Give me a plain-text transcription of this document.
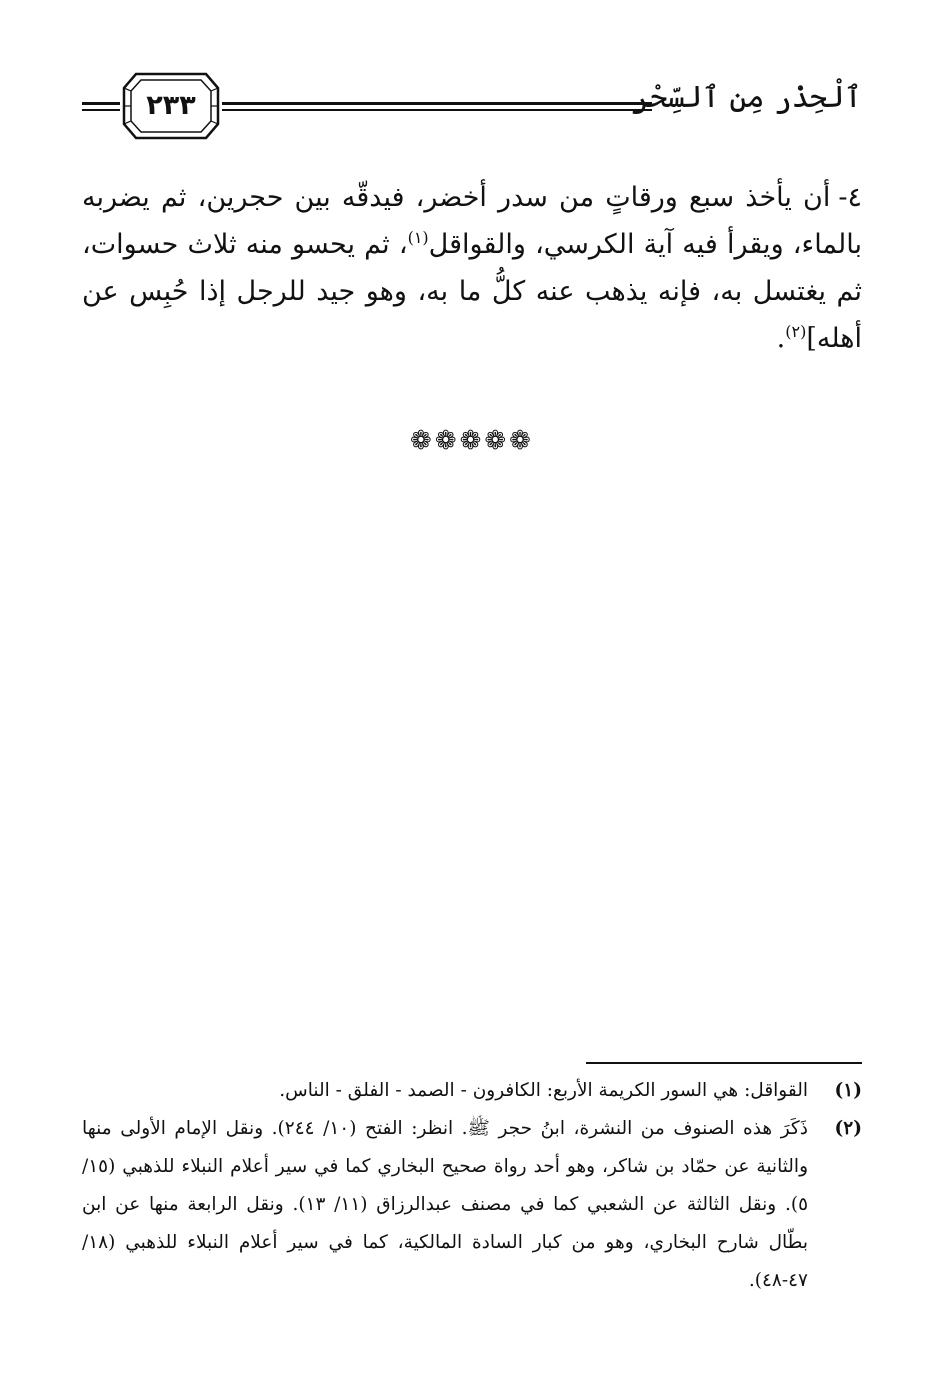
ٱلْحِذْر مِن ٱلسِّحْر
٢٣٣
٤-أن يأخذ سبع ورقاتٍ من سدر أخضر، فيدقّه بين حجرين، ثم يضربه بالماء، ويقرأ فيه آية الكرسي، والقواقل$^{(١)}$، ثم يحسو منه ثلاث حسوات، ثم يغتسل به، فإنه يذهب عنه كلُّ ما به، وهو جيد للرجل إذا حُبِس عن أهله]$^{(٢)}$.
❁❁❁❁❁
(١)
القواقل: هي السور الكريمة الأربع: الكافرون - الصمد - الفلق - الناس.
(٢)
ذَكَرَ هذه الصنوف من النشرة، ابنُ حجر ﷺ. انظر: الفتح (١٠/ ٢٤٤). ونقل الإمام الأولى منها والثانية عن حمّاد بن شاكر، وهو أحد رواة صحيح البخاري كما في سير أعلام النبلاء للذهبي (١٥/ ٥). ونقل الثالثة عن الشعبي كما في مصنف عبدالرزاق (١١/ ١٣). ونقل الرابعة منها عن ابن بطّال شارح البخاري، وهو من كبار السادة المالكية، كما في سير أعلام النبلاء للذهبي (١٨/ ٤٧-٤٨).
